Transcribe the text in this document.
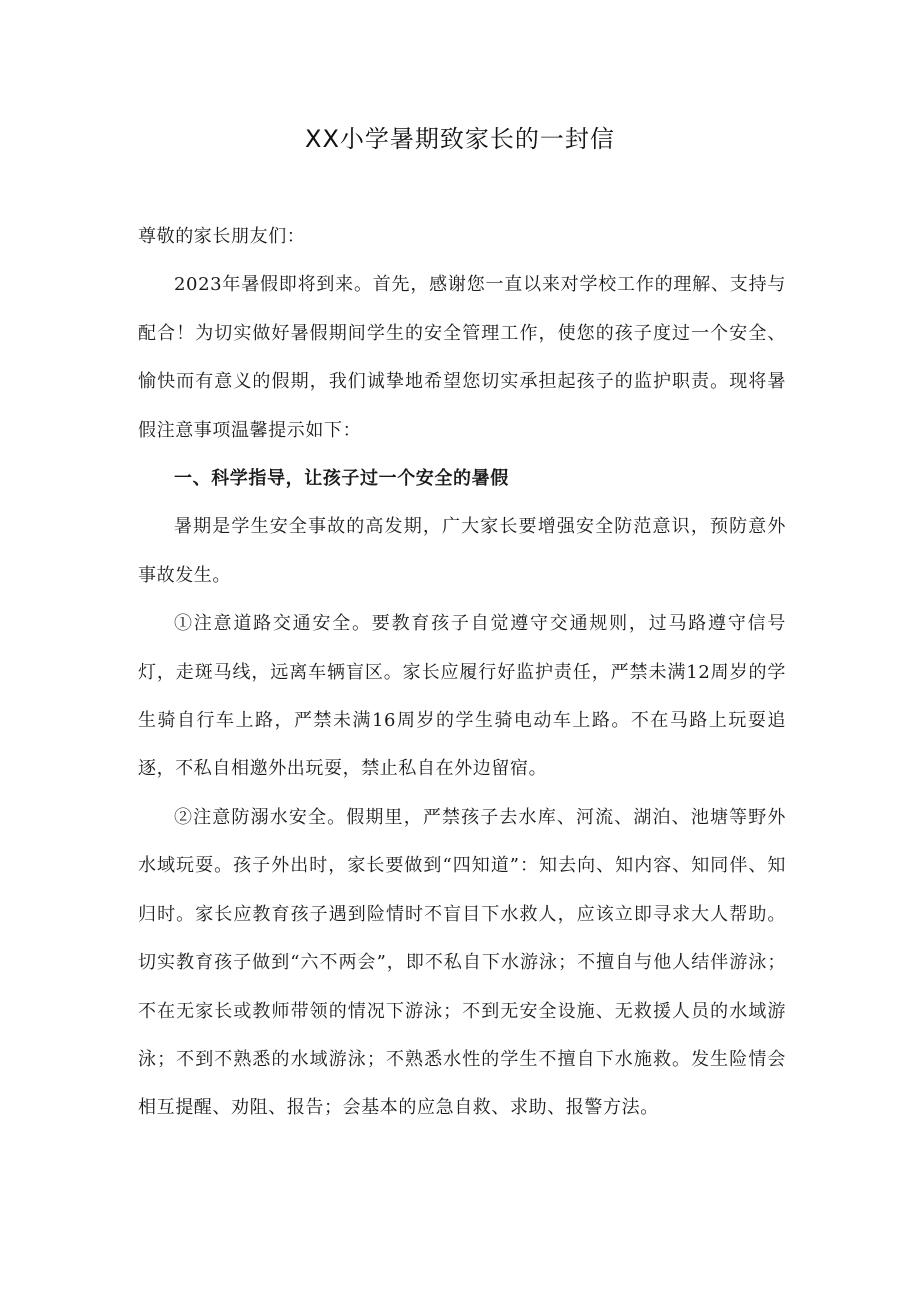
XX小学暑期致家长的一封信

尊敬的家长朋友们：

2023年暑假即将到来。首先，感谢您一直以来对学校工作的理解、支持与配合！为切实做好暑假期间学生的安全管理工作，使您的孩子度过一个安全、愉快而有意义的假期，我们诚挚地希望您切实承担起孩子的监护职责。现将暑假注意事项温馨提示如下：

一、科学指导，让孩子过一个安全的暑假

暑期是学生安全事故的高发期，广大家长要增强安全防范意识，预防意外事故发生。

①注意道路交通安全。要教育孩子自觉遵守交通规则，过马路遵守信号灯，走斑马线，远离车辆盲区。家长应履行好监护责任，严禁未满12周岁的学生骑自行车上路，严禁未满16周岁的学生骑电动车上路。不在马路上玩耍追逐，不私自相邀外出玩耍，禁止私自在外边留宿。

②注意防溺水安全。假期里，严禁孩子去水库、河流、湖泊、池塘等野外水域玩耍。孩子外出时，家长要做到“四知道”：知去向、知内容、知同伴、知归时。家长应教育孩子遇到险情时不盲目下水救人，应该立即寻求大人帮助。切实教育孩子做到“六不两会”，即不私自下水游泳；不擅自与他人结伴游泳；不在无家长或教师带领的情况下游泳；不到无安全设施、无救援人员的水域游泳；不到不熟悉的水域游泳；不熟悉水性的学生不擅自下水施救。发生险情会相互提醒、劝阻、报告；会基本的应急自救、求助、报警方法。
